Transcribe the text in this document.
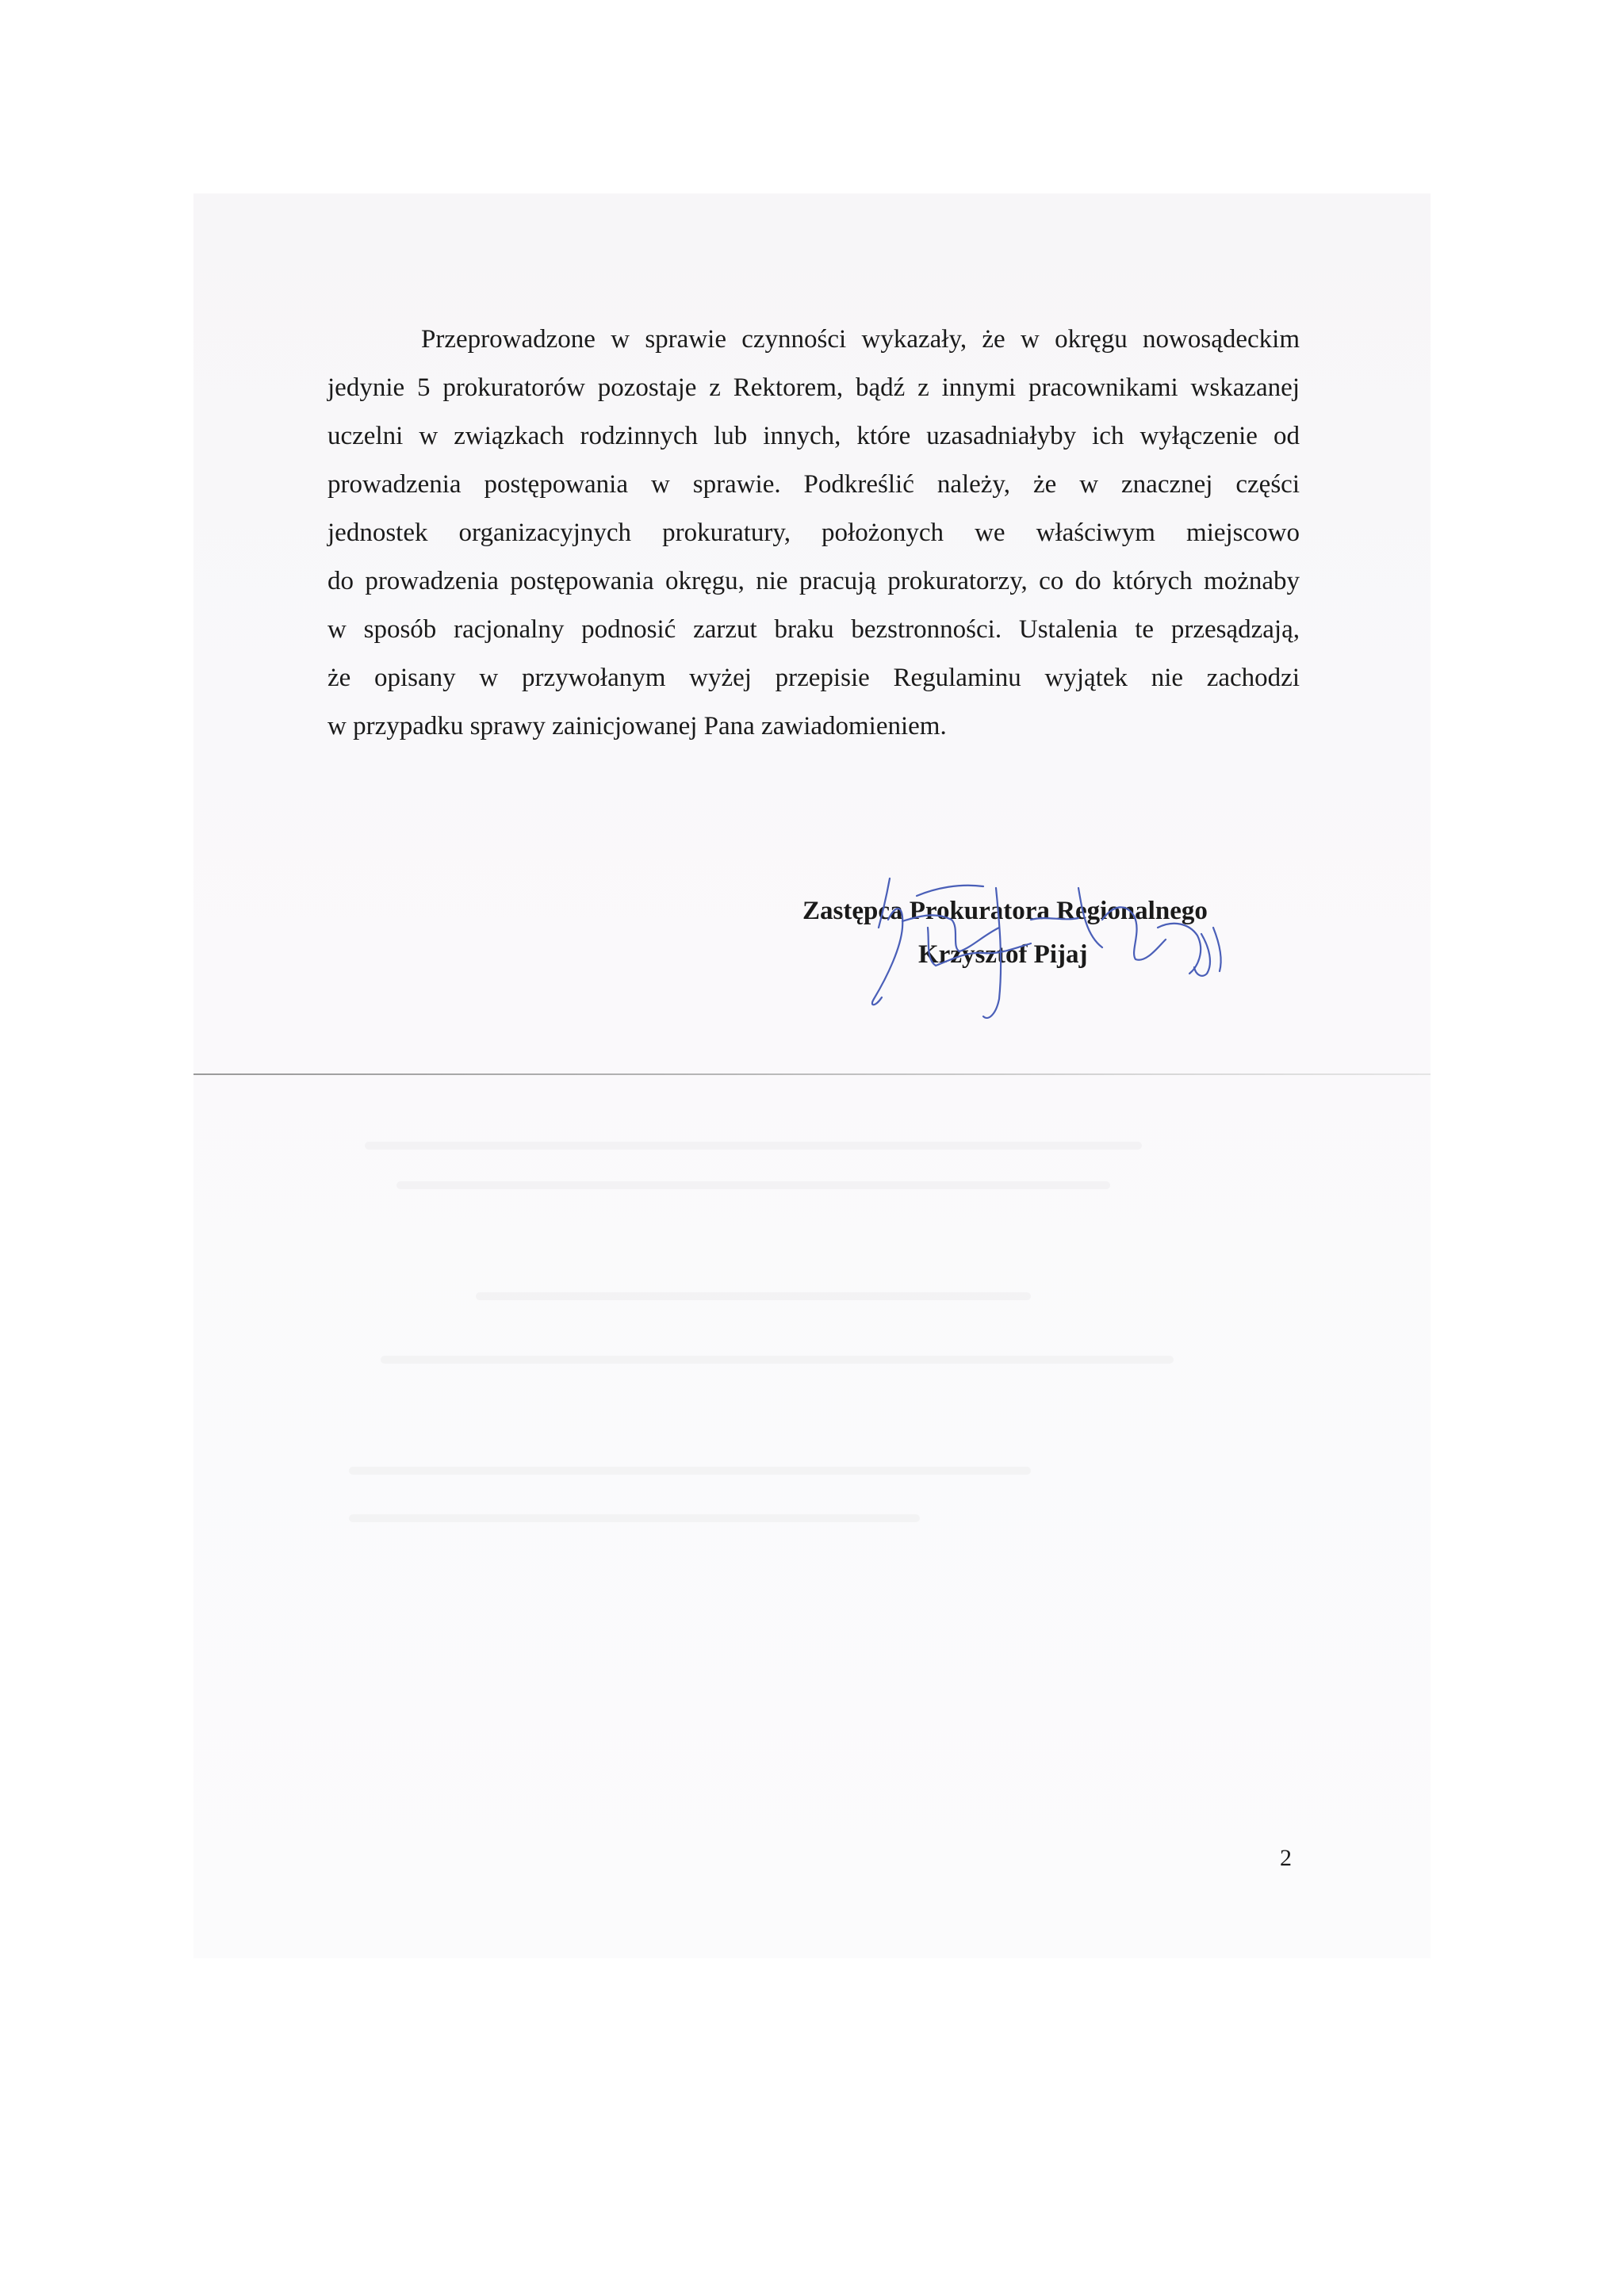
Przeprowadzone w sprawie czynności wykazały, że w okręgu nowosądeckim
jedynie 5 prokuratorów pozostaje z Rektorem, bądź z innymi pracownikami wskazanej
uczelni w związkach rodzinnych lub innych, które uzasadniałyby ich wyłączenie od
prowadzenia postępowania w sprawie. Podkreślić należy, że w znacznej części
jednostek organizacyjnych prokuratury, położonych we właściwym miejscowo
do prowadzenia postępowania okręgu, nie pracują prokuratorzy, co do których możnaby
w sposób racjonalny podnosić zarzut braku bezstronności. Ustalenia te przesądzają,
że opisany w przywołanym wyżej przepisie Regulaminu wyjątek nie zachodzi
w przypadku sprawy zainicjowanej Pana zawiadomieniem.
Zastępca Prokuratora Regionalnego
Krzysztof Pijaj
2
